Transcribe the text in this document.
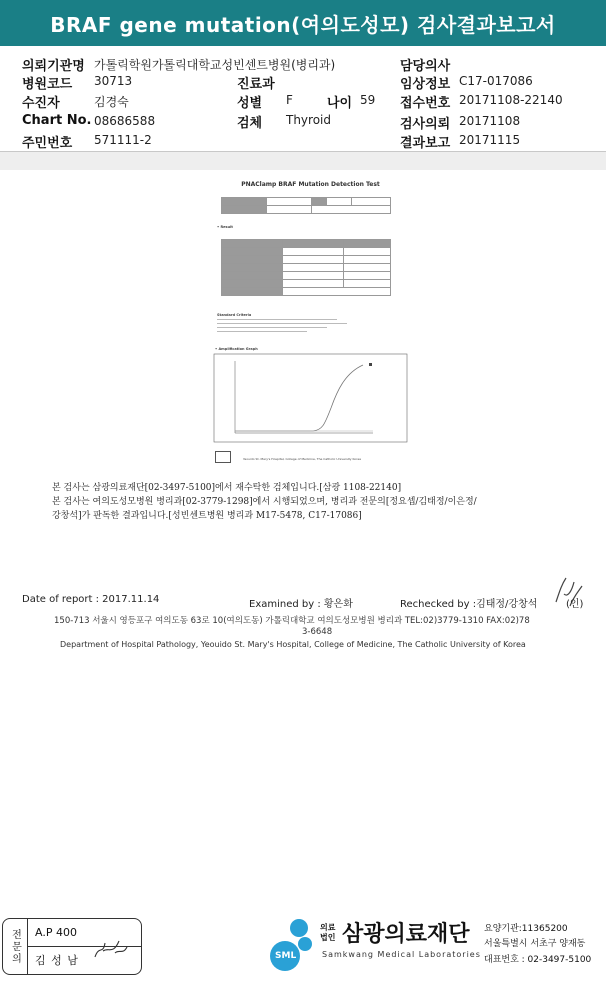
BRAF gene mutation(여의도성모) 검사결과보고서
의뢰기관명 가톨릭학원가톨릭대학교성빈센트병원(병리과)	담당의사
병원코드 30713	진료과	임상정보 C17-017086
수진자	김경숙	성별 F	나이 59 접수번호 20171108-22140
Chart No. 08686588	검체 Thyroid	검사의뢰 20171108
주민번호 571111-2	결과보고 20171115
PNAClamp BRAF Mutation Detection Test

• Result

Standard Criteria
• Amplification Graph
Yeouido St. Mary's Hospital, College of Medicine, The Catholic University Korea
본 검사는 삼광의료재단[02-3497-5100]에서 재수탁한 검체입니다.[삼광 1108-22140]
본 검사는 여의도성모병원 병리과[02-3779-1298]에서 시행되었으며, 병리과 전문의[정요셉/김태정/이은정/
강창석]가 판독한 결과입니다.[성빈센트병원 병리과 M17-5478, C17-17086]
Date of report : 2017.11.14	Examined by : 황은화	Rechecked by :김태정/강창석	(인)
150-713 서울시 영등포구 여의도동 63로 10(여의도동) 가톨릭대학교 여의도성모병원 병리과 TEL:02)3779-1310 FAX:02)78
3-6648
Department of Hospital Pathology, Yeouido St. Mary's Hospital, College of Medicine, The Catholic University of Korea
전문의	A.P 400
김 성 남	SML
의료법인 삼광의료재단
Samkwang Medical Laboratories
요양기관:11365200
서울특별시 서초구 양재동
대표번호 : 02-3497-5100
